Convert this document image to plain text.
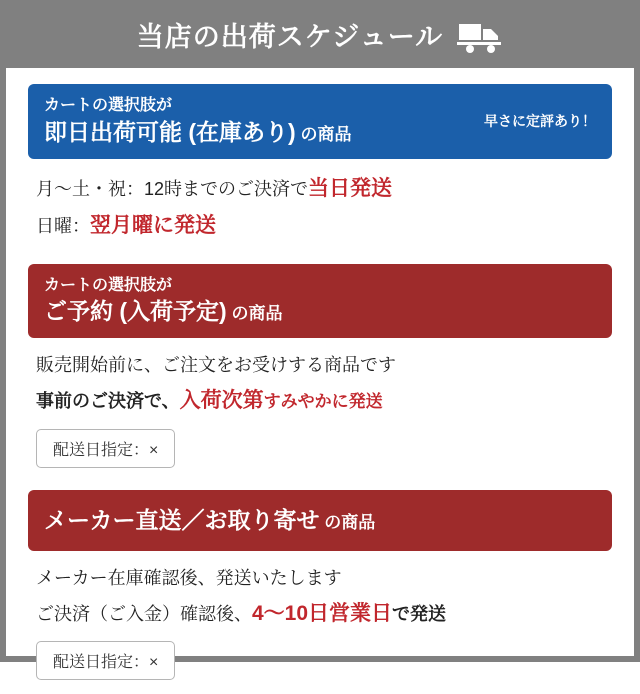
当店の出荷スケジュール
カートの選択肢が
即日出荷可能 (在庫あり) の商品
早さに定評あり！
月～土・祝：12時までのご決済で当日発送
日曜：翌月曜に発送
カートの選択肢が
ご予約 (入荷予定) の商品
販売開始前に、ご注文をお受けする商品です
事前のご決済で、入荷次第すみやかに発送
配送日指定：×
メーカー直送／お取り寄せ の商品
メーカー在庫確認後、発送いたします
ご決済（ご入金）確認後、4～10日営業日で発送
配送日指定：×
